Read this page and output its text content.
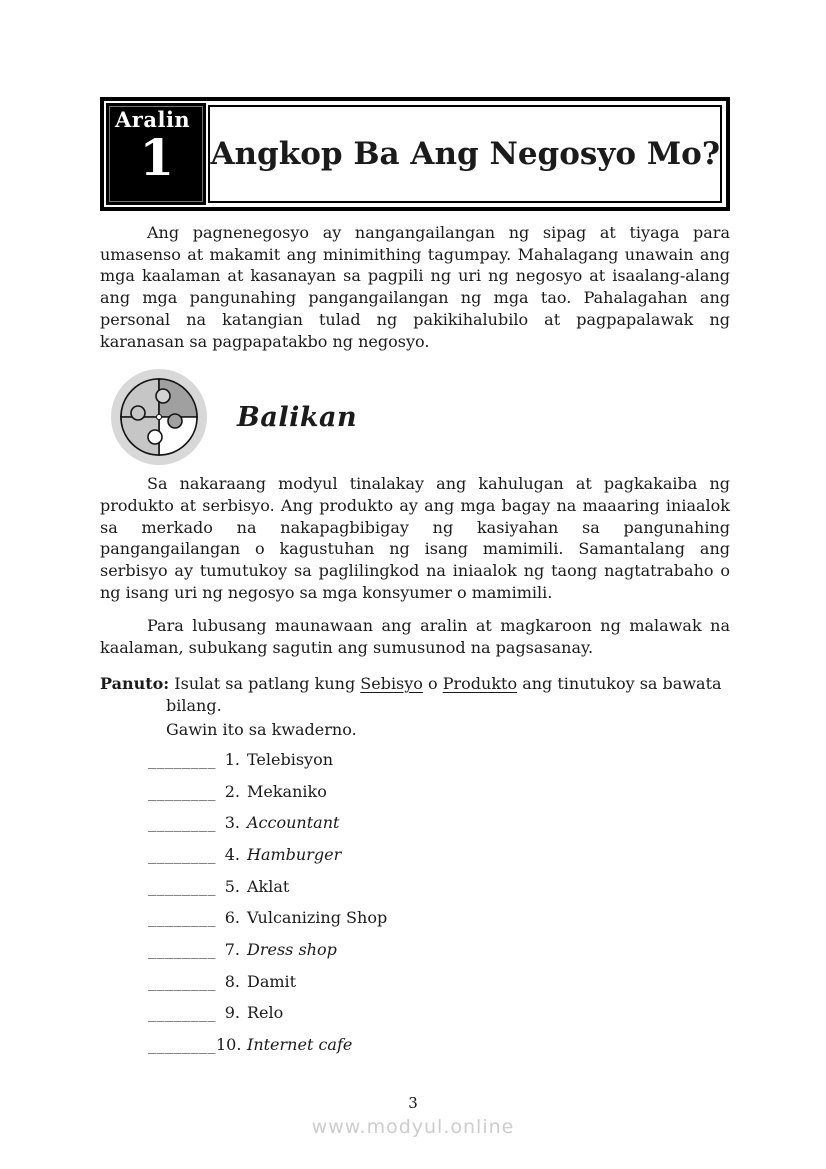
Aralin
1	Angkop Ba Ang Negosyo Mo?

Ang pagnenegosyo ay nangangailangan ng sipag at tiyaga para umasenso at makamit ang minimithing tagumpay. Mahalagang unawain ang mga kaalaman at kasanayan sa pagpili ng uri ng negosyo at isaalang-alang ang mga pangunahing pangangailangan ng mga tao. Pahalagahan ang personal na katangian tulad ng pakikihalubilo at pagpapalawak ng karanasan sa pagpapatakbo ng negosyo.

Balikan

Sa nakaraang modyul tinalakay ang kahulugan at pagkakaiba ng produkto at serbisyo. Ang produkto ay ang mga bagay na maaaring iniaalok sa merkado na nakapagbibigay ng kasiyahan sa pangunahing pangangailangan o kagustuhan ng isang mamimili. Samantalang ang serbisyo ay tumutukoy sa paglilingkod na iniaalok ng taong nagtatrabaho o ng isang uri ng negosyo sa mga konsyumer o mamimili.

Para lubusang maunawaan ang aralin at magkaroon ng malawak na kaalaman, subukang sagutin ang sumusunod na pagsasanay.

Panuto: Isulat sa patlang kung Sebisyo o Produkto ang tinutukoy sa bawata bilang.
Gawin ito sa kwaderno.
________ 1. Telebisyon
________ 2. Mekaniko
________ 3. Accountant
________ 4. Hamburger
________ 5. Aklat
________ 6. Vulcanizing Shop
________ 7. Dress shop
________ 8. Damit
________ 9. Relo
________10. Internet cafe
3
www.modyul.online
